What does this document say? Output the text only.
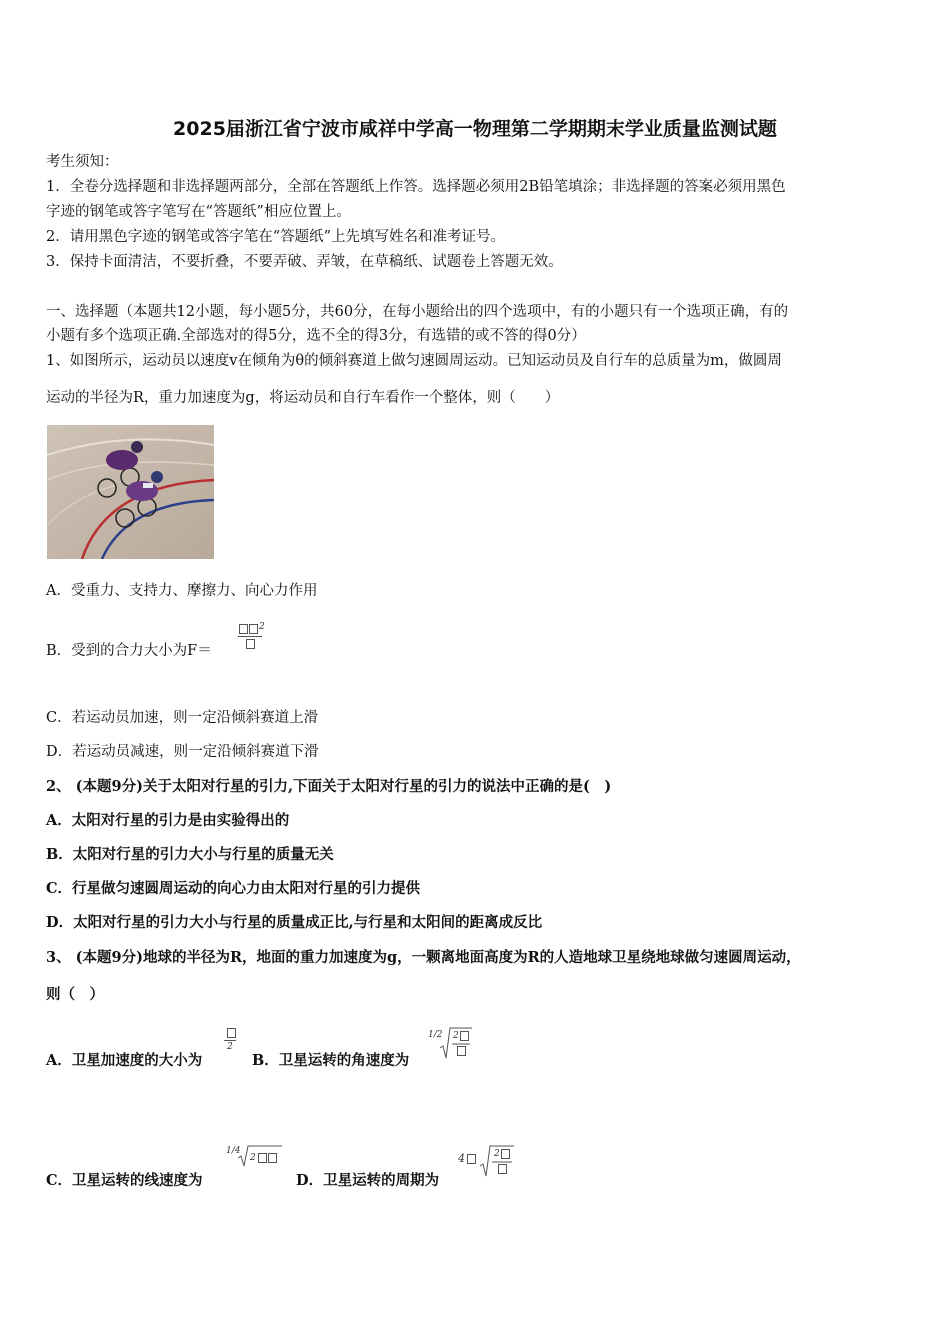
2025届浙江省宁波市咸祥中学高一物理第二学期期末学业质量监测试题
考生须知：
1．全卷分选择题和非选择题两部分，全部在答题纸上作答。选择题必须用2B铅笔填涂；非选择题的答案必须用黑色
字迹的钢笔或答字笔写在“答题纸”相应位置上。
2．请用黑色字迹的钢笔或答字笔在“答题纸”上先填写姓名和准考证号。
3．保持卡面清洁，不要折叠，不要弄破、弄皱，在草稿纸、试题卷上答题无效。
一、选择题（本题共12小题，每小题5分，共60分，在每小题给出的四个选项中，有的小题只有一个选项正确，有的
小题有多个选项正确.全部选对的得5分，选不全的得3分，有选错的或不答的得0分）
1、如图所示，运动员以速度v在倾角为θ的倾斜赛道上做匀速圆周运动。已知运动员及自行车的总质量为m，做圆周
运动的半径为R，重力加速度为g，将运动员和自行车看作一个整体，则（　　）
A．受重力、支持力、摩擦力、向心力作用
B．受到的合力大小为F＝
2
C．若运动员加速，则一定沿倾斜赛道上滑
D．若运动员减速，则一定沿倾斜赛道下滑
2、 (本题9分)关于太阳对行星的引力,下面关于太阳对行星的引力的说法中正确的是(　)
A．太阳对行星的引力是由实验得出的
B．太阳对行星的引力大小与行星的质量无关
C．行星做匀速圆周运动的向心力由太阳对行星的引力提供
D．太阳对行星的引力大小与行星的质量成正比,与行星和太阳间的距离成反比
3、 (本题9分)地球的半径为R，地面的重力加速度为g，一颗离地面高度为R的人造地球卫星绕地球做匀速圆周运动，
则（　）
A．卫星加速度的大小为
2
B．卫星运转的角速度为
1/2 2
C．卫星运转的线速度为
1/4
2
D．卫星运转的周期为
4	2
